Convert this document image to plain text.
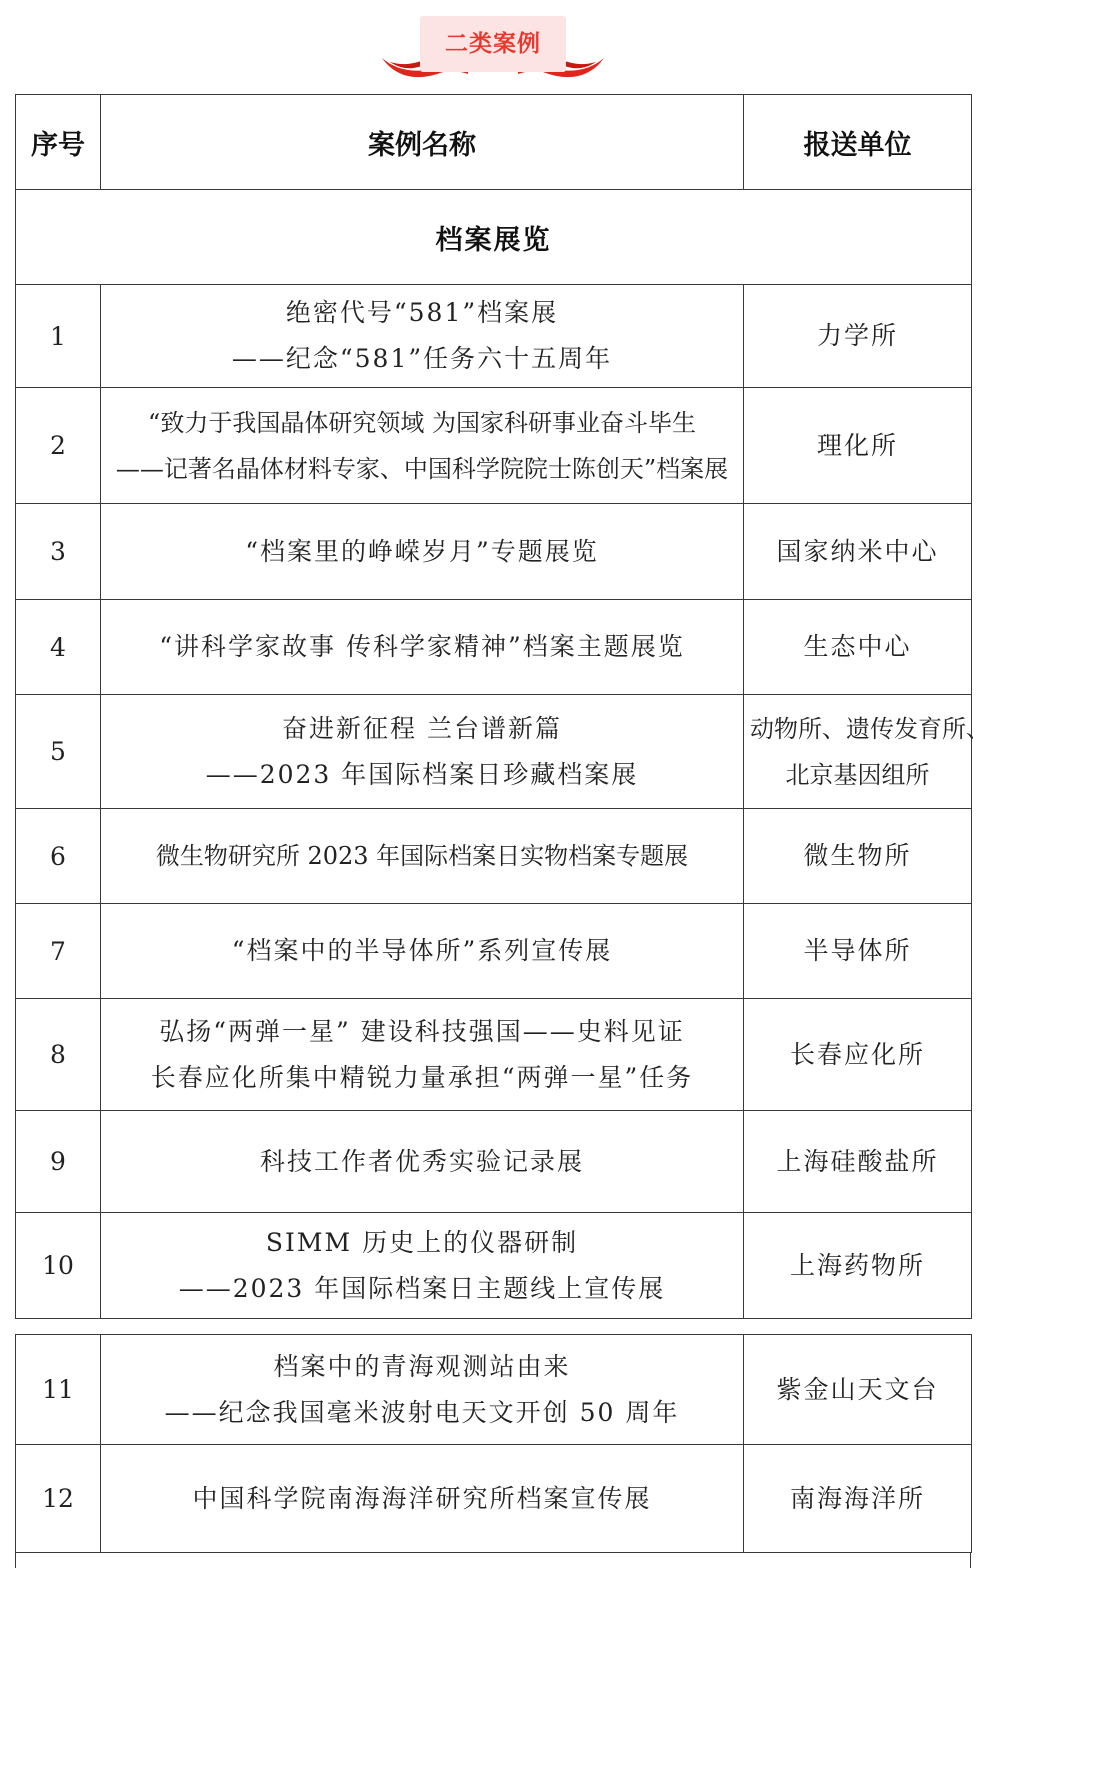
二类案例
序号	案例名称	报送单位
档案展览		
1	绝密代号“581”档案展
——纪念“581”任务六十五周年	力学所

2	“致力于我国晶体研究领域 为国家科研事业奋斗毕生
——记著名晶体材料专家、中国科学院院士陈创天”档案展	理化所

3	“档案里的峥嵘岁月”专题展览	国家纳米中心

4	“讲科学家故事 传科学家精神”档案主题展览	生态中心

5	奋进新征程 兰台谱新篇
——2023 年国际档案日珍藏档案展	动物所、遗传发育所、
北京基因组所

6	微生物研究所 2023 年国际档案日实物档案专题展	微生物所

7	“档案中的半导体所”系列宣传展	半导体所

8	弘扬“两弹一星” 建设科技强国——史料见证
长春应化所集中精锐力量承担“两弹一星”任务	长春应化所

9	科技工作者优秀实验记录展	上海硅酸盐所

10	SIMM 历史上的仪器研制
——2023 年国际档案日主题线上宣传展	上海药物所
11	档案中的青海观测站由来
——纪念我国毫米波射电天文开创 50 周年	紫金山天文台

12	中国科学院南海海洋研究所档案宣传展	南海海洋所
